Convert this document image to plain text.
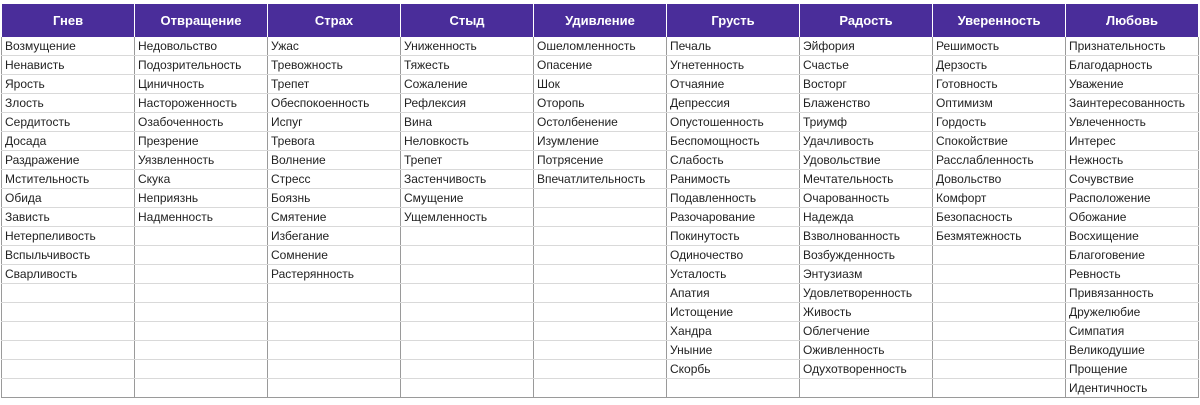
Гнев	Отвращение	Страх	Стыд	Удивление	Грусть	Радость	Уверенность	Любовь
Возмущение	Недовольство	Ужас	Униженность	Ошеломленность	Печаль	Эйфория	Решимость	Признательность
Ненависть	Подозрительность	Тревожность	Тяжесть	Опасение	Угнетенность	Счастье	Дерзость	Благодарность
Ярость	Циничность	Трепет	Сожаление	Шок	Отчаяние	Восторг	Готовность	Уважение
Злость	Настороженность	Обеспокоенность	Рефлексия	Оторопь	Депрессия	Блаженство	Оптимизм	Заинтересованность
Сердитость	Озабоченность	Испуг	Вина	Остолбенение	Опустошенность	Триумф	Гордость	Увлеченность
Досада	Презрение	Тревога	Неловкость	Изумление	Беспомощность	Удачливость	Спокойствие	Интерес
Раздражение	Уязвленность	Волнение	Трепет	Потрясение	Слабость	Удовольствие	Расслабленность	Нежность
Мстительность	Скука	Стресс	Застенчивость	Впечатлительность	Ранимость	Мечтательность	Довольство	Сочувствие
Обида	Неприязнь	Боязнь	Смущение		Подавленность	Очарованность	Комфорт	Расположение
Зависть	Надменность	Смятение	Ущемленность		Разочарование	Надежда	Безопасность	Обожание
Нетерпеливость		Избегание			Покинутость	Взволнованность	Безмятежность	Восхищение
Вспыльчивость		Сомнение			Одиночество	Возбужденность		Благоговение
Сварливость		Растерянность			Усталость	Энтузиазм		Ревность
					Апатия	Удовлетворенность		Привязанность
					Истощение	Живость		Дружелюбие
					Хандра	Облегчение		Симпатия
					Уныние	Оживленность		Великодушие
					Скорбь	Одухотворенность		Прощение
								Идентичность
